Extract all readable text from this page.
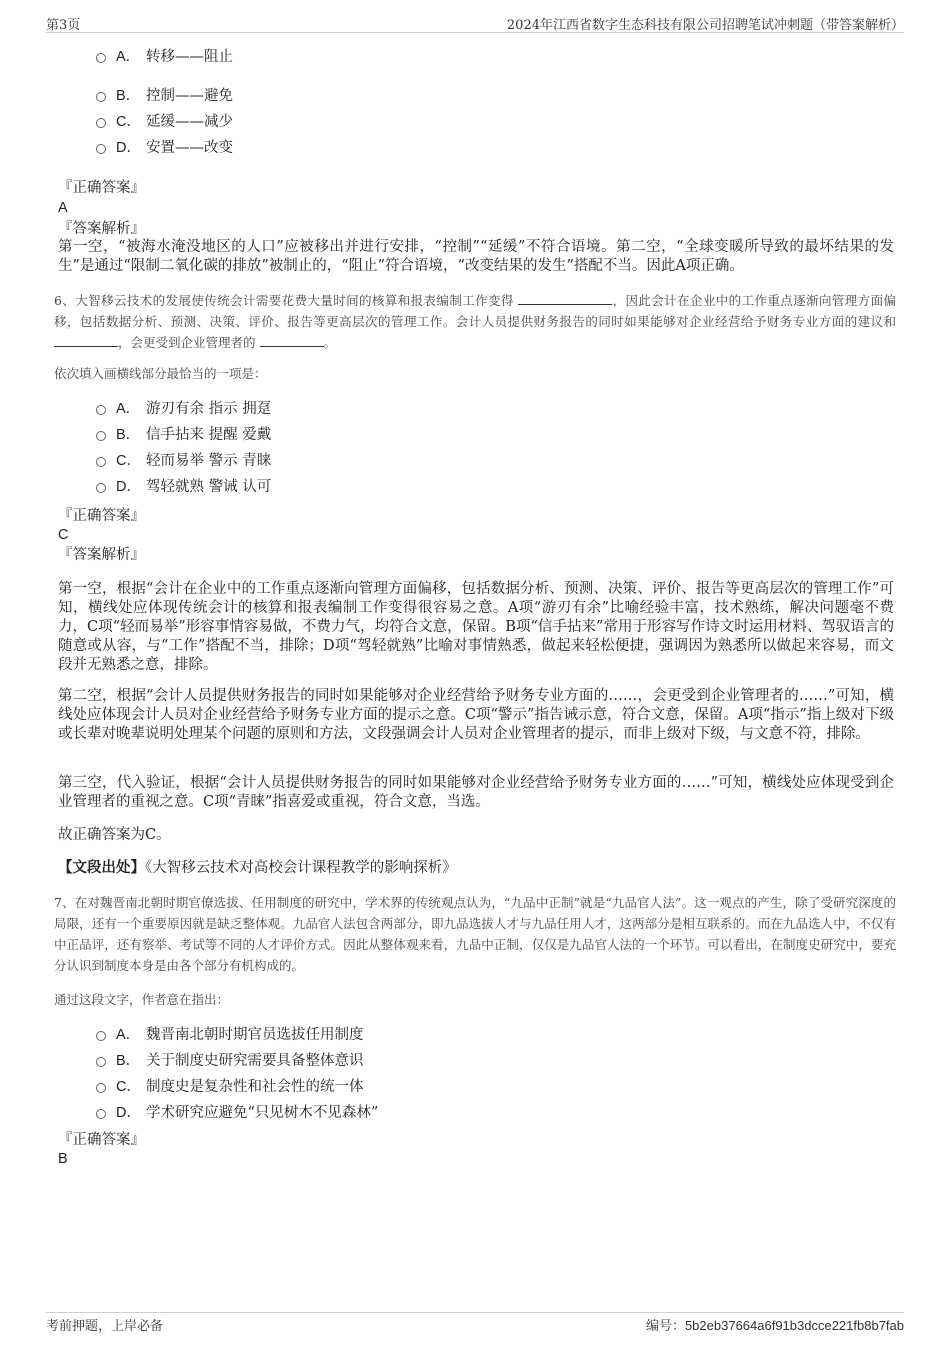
第3页	2024年江西省数字生态科技有限公司招聘笔试冲刺题（带答案解析）
A． 转移——阻止
B． 控制——避免
C． 延缓——减少
D． 安置——改变
『正确答案』
A
『答案解析』
第一空，“被海水淹没地区的人口”应被移出并进行安排，“控制”“延缓”不符合语境。第二空，“全球变暖所导致的最坏结果的发生”是通过“限制二氧化碳的排放”被制止的，“阻止”符合语境，“改变结果的发生”搭配不当。因此A项正确。
6、大智移云技术的发展使传统会计需要花费大量时间的核算和报表编制工作变得	，因此会计在企业中的工作重点逐渐向管理方面偏移，包括数据分析、预测、决策、评价、报告等更高层次的管理工作。会计人员提供财务报告的同时如果能够对企业经营给予财务专业方面的建议和 ，会更受到企业管理者的	。
依次填入画横线部分最恰当的一项是：
A． 游刃有余 指示 拥趸
B． 信手拈来 提醒 爱戴
C． 轻而易举 警示 青睐
D． 驾轻就熟 警诫 认可
『正确答案』
C
『答案解析』
第一空，根据“会计在企业中的工作重点逐渐向管理方面偏移，包括数据分析、预测、决策、评价、报告等更高层次的管理工作”可知，横线处应体现传统会计的核算和报表编制工作变得很容易之意。A项“游刃有余”比喻经验丰富，技术熟练，解决问题毫不费力，C项“轻而易举”形容事情容易做，不费力气，均符合文意，保留。B项“信手拈来”常用于形容写作诗文时运用材料、驾驭语言的随意或从容，与“工作”搭配不当，排除；D项“驾轻就熟”比喻对事情熟悉，做起来轻松便捷，强调因为熟悉所以做起来容易，而文段并无熟悉之意，排除。
第二空，根据“会计人员提供财务报告的同时如果能够对企业经营给予财务专业方面的……，会更受到企业管理者的……”可知，横线处应体现会计人员对企业经营给予财务专业方面的提示之意。C项“警示”指告诫示意，符合文意，保留。A项“指示”指上级对下级或长辈对晚辈说明处理某个问题的原则和方法，文段强调会计人员对企业管理者的提示，而非上级对下级，与文意不符，排除。
第三空，代入验证，根据“会计人员提供财务报告的同时如果能够对企业经营给予财务专业方面的……”可知，横线处应体现受到企业管理者的重视之意。C项“青睐”指喜爱或重视，符合文意，当选。
故正确答案为C。
【文段出处】《大智移云技术对高校会计课程教学的影响探析》
7、在对魏晋南北朝时期官僚选拔、任用制度的研究中，学术界的传统观点认为，“九品中正制”就是“九品官人法”。这一观点的产生，除了受研究深度的局限，还有一个重要原因就是缺乏整体观。九品官人法包含两部分，即九品选拔人才与九品任用人才，这两部分是相互联系的。而在九品选人中，不仅有中正品评，还有察举、考试等不同的人才评价方式。因此从整体观来看，九品中正制，仅仅是九品官人法的一个环节。可以看出，在制度史研究中，要充分认识到制度本身是由各个部分有机构成的。
通过这段文字，作者意在指出：
A． 魏晋南北朝时期官员选拔任用制度
B． 关于制度史研究需要具备整体意识
C． 制度史是复杂性和社会性的统一体
D． 学术研究应避免“只见树木不见森林”
『正确答案』
B
考前押题，上岸必备	编号：5b2eb37664a6f91b3dcce221fb8b7fab
